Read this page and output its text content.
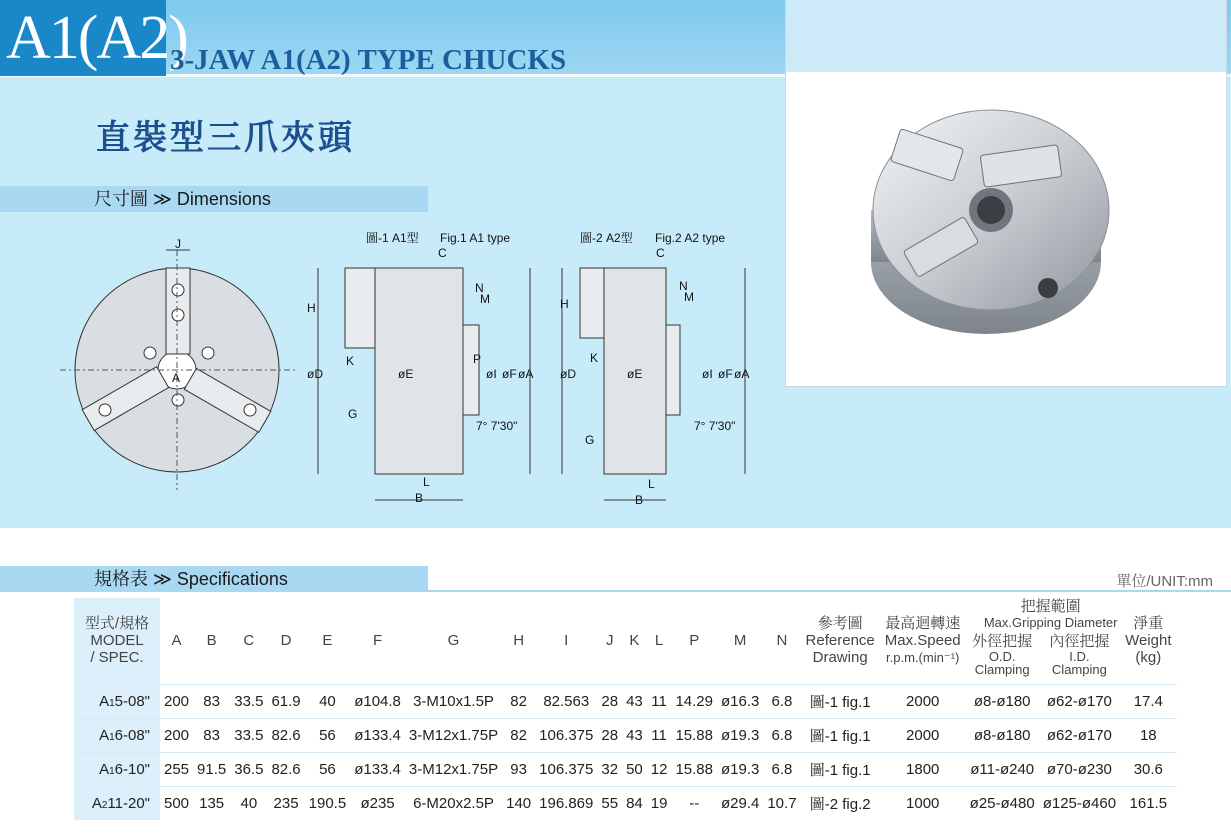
A1(A2)
3-JAW A1(A2) TYPE CHUCKS
直裝型三爪夾頭
尺寸圖 ≫ Dimensions
J
A
圖-1 A1型 Fig.1 A1 type
C
N
M
H
øD
K
øE
P
øI øF øA
G
L
B
7° 7'30"
圖-2 A2型 Fig.2 A2 type
C
N
M
H
øD
K
øE	øI øF øA
G
L
B
7° 7'30"
規格表 ≫ Specifications	單位/UNIT:mm
型式/規格
MODEL
/ SPEC.	A	B	C	D	E	F	G	H	I	J	K	L	P	M	N	參考圖
Reference
Drawing	最高迴轉速
Max.Speed
r.p.m.(min⁻¹)	把握範圍
Max.Gripping Diameter
外徑把握
O.D.
Clamping	內徑把握
I.D.
Clamping	淨重
Weight
(kg)
A15-08"	200	83	33.5	61.9	40	ø104.8	3-M10x1.5P	82	82.563	28	43	11	14.29	ø16.3	6.8	圖-1 fig.1	2000	ø8-ø180	ø62-ø170	17.4
A16-08"	200	83	33.5	82.6	56	ø133.4	3-M12x1.75P	82	106.375	28	43	11	15.88	ø19.3	6.8	圖-1 fig.1	2000	ø8-ø180	ø62-ø170	18
A16-10"	255	91.5	36.5	82.6	56	ø133.4	3-M12x1.75P	93	106.375	32	50	12	15.88	ø19.3	6.8	圖-1 fig.1	1800	ø11-ø240	ø70-ø230	30.6
A211-20"	500	135	40	235	190.5	ø235	6-M20x2.5P	140	196.869	55	84	19	--	ø29.4	10.7	圖-2 fig.2	1000	ø25-ø480	ø125-ø460	161.5
